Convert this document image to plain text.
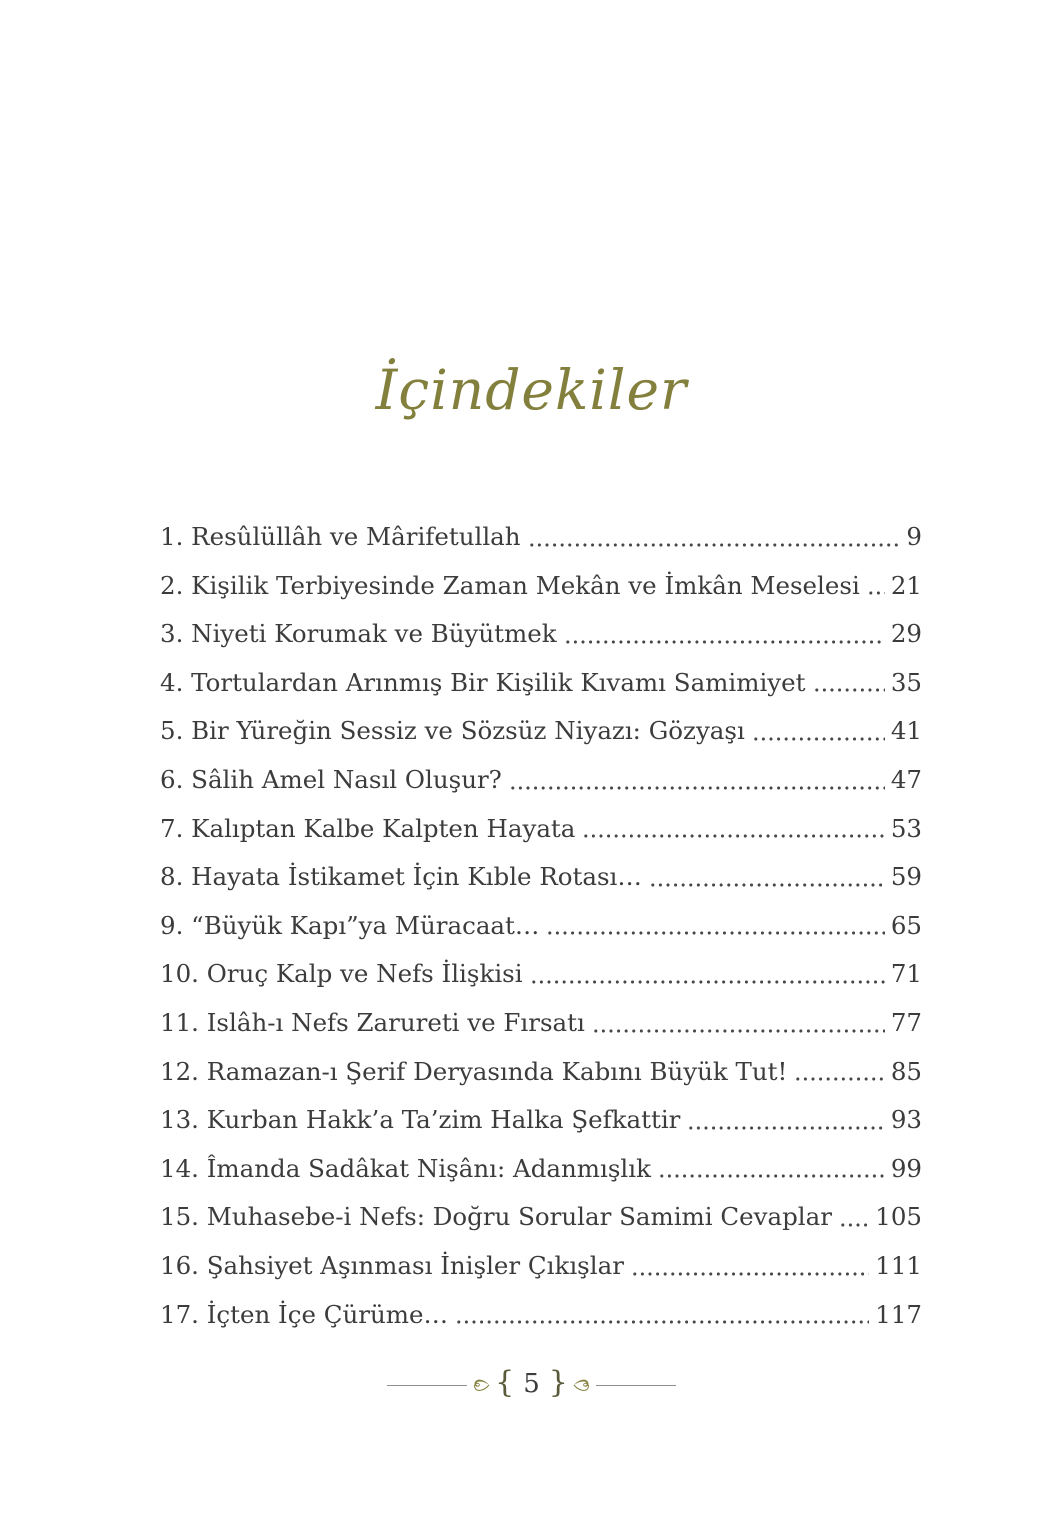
İçindekiler
1. Resûlüllâh ve Mârifetullah	9
2. Kişilik Terbiyesinde Zaman Mekân ve İmkân Meselesi 21
3. Niyeti Korumak ve Büyütmek	29
4. Tortulardan Arınmış Bir Kişilik Kıvamı Samimiyet	35
5. Bir Yüreğin Sessiz ve Sözsüz Niyazı: Gözyaşı	41
6. Sâlih Amel Nasıl Oluşur?	47
7. Kalıptan Kalbe Kalpten Hayata	53
8. Hayata İstikamet İçin Kıble Rotası…	59
9. “Büyük Kapı”ya Müracaat…	65
10. Oruç Kalp ve Nefs İlişkisi	71
11. Islâh-ı Nefs Zarureti ve Fırsatı	77
12. Ramazan-ı Şerif Deryasında Kabını Büyük Tut!	85
13. Kurban Hakk’a Ta’zim Halka Şefkattir	93
14. Îmanda Sadâkat Nişânı: Adanmışlık	99
15. Muhasebe-i Nefs: Doğru Sorular Samimi Cevaplar 105
16. Şahsiyet Aşınması İnişler Çıkışlar	111
17. İçten İçe Çürüme…	117
{ 5 }
